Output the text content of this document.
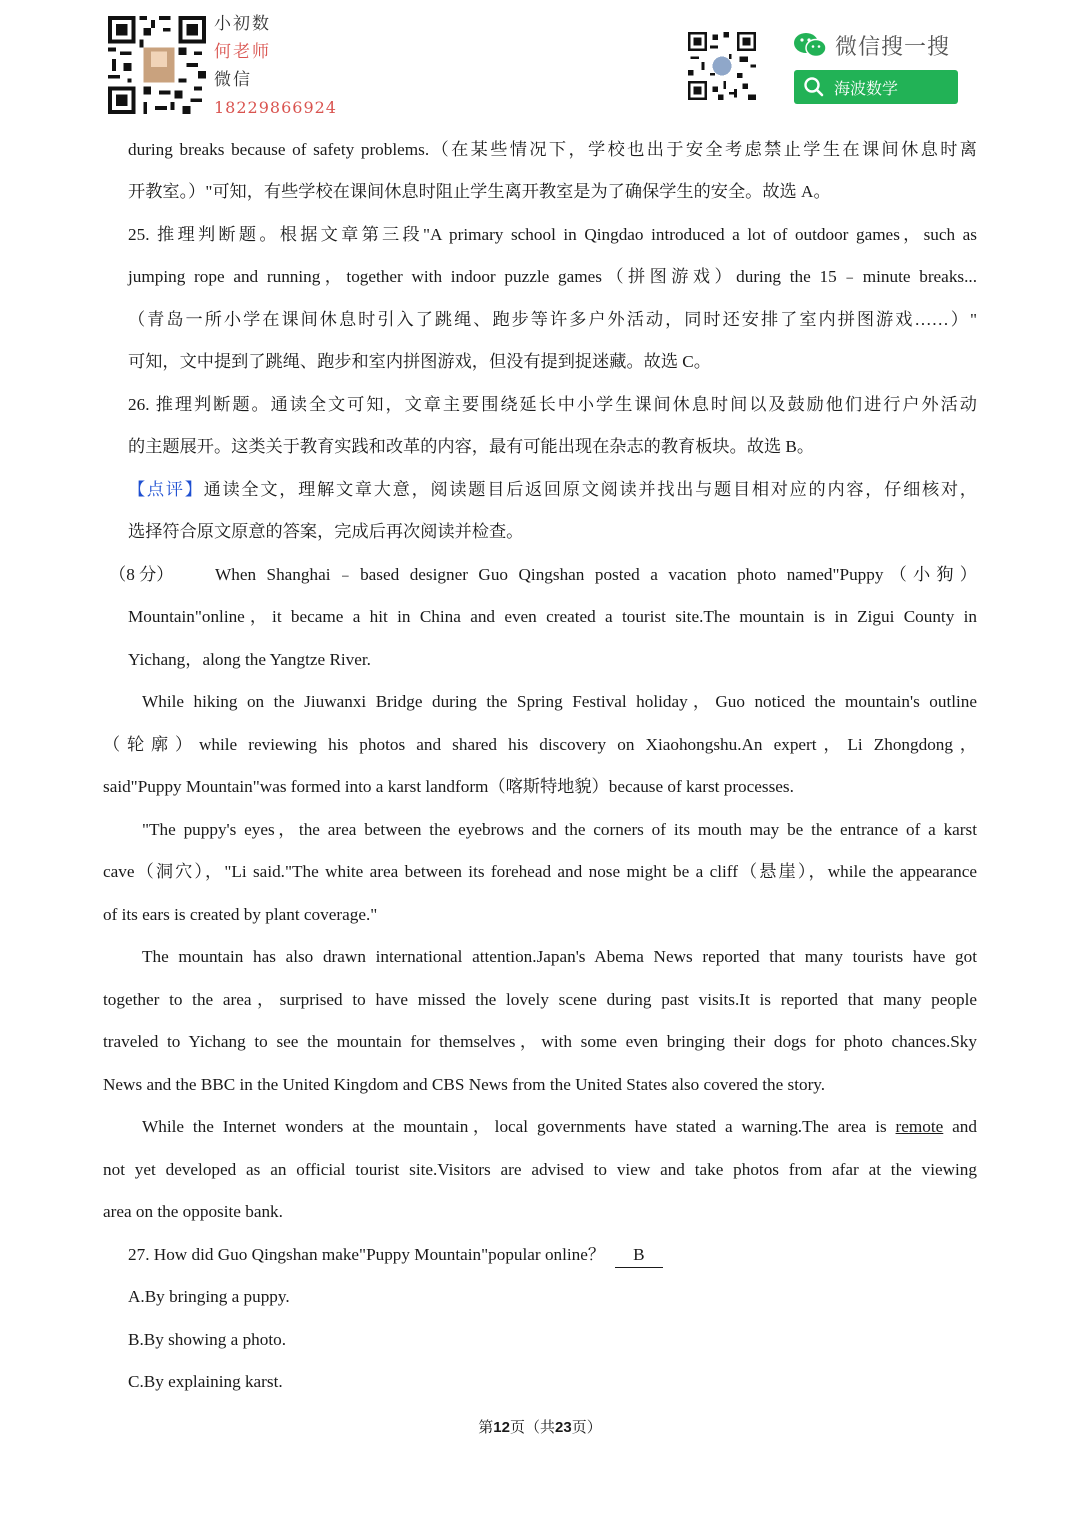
小初数
何老师
微信
18229866924
微信搜一搜
海波数学
during breaks because of safety problems.（在某些情况下，学校也出于安全考虑禁止学生在课间休息时离
开教室。）"可知，有些学校在课间休息时阻止学生离开教室是为了确保学生的安全。故选 A。
25. 推理判断题。根据文章第三段"A primary school in Qingdao introduced a lot of outdoor games，such as
jumping rope and running，together with indoor puzzle games（拼图游戏）during the 15﹣minute breaks...
（青岛一所小学在课间休息时引入了跳绳、跑步等许多户外活动，同时还安排了室内拼图游戏……）"
可知，文中提到了跳绳、跑步和室内拼图游戏，但没有提到捉迷藏。故选 C。
26. 推理判断题。通读全文可知，文章主要围绕延长中小学生课间休息时间以及鼓励他们进行户外活动
的主题展开。这类关于教育实践和改革的内容，最有可能出现在杂志的教育板块。故选 B。
【点评】通读全文，理解文章大意，阅读题目后返回原文阅读并找出与题目相对应的内容，仔细核对，
选择符合原文原意的答案，完成后再次阅读并检查。
（8 分） When Shanghai﹣based designer Guo Qingshan posted a vacation photo named"Puppy（小狗）
Mountain"online，it became a hit in China and even created a tourist site.The mountain is in Zigui County in
Yichang，along the Yangtze River.
While hiking on the Jiuwanxi Bridge during the Spring Festival holiday，Guo noticed the mountain's outline
（轮廓）while reviewing his photos and shared his discovery on Xiaohongshu.An expert，Li Zhongdong，
said"Puppy Mountain"was formed into a karst landform（喀斯特地貌）because of karst processes.
"The puppy's eyes，the area between the eyebrows and the corners of its mouth may be the entrance of a karst
cave（洞穴），"Li said."The white area between its forehead and nose might be a cliff（悬崖），while the appearance
of its ears is created by plant coverage."
The mountain has also drawn international attention.Japan's Abema News reported that many tourists have got
together to the area，surprised to have missed the lovely scene during past visits.It is reported that many people
traveled to Yichang to see the mountain for themselves，with some even bringing their dogs for photo chances.Sky
News and the BBC in the United Kingdom and CBS News from the United States also covered the story.
While the Internet wonders at the mountain，local governments have stated a warning.The area is remote and
not yet developed as an official tourist site.Visitors are advised to view and take photos from afar at the viewing
area on the opposite bank.
27. How did Guo Qingshan make"Puppy Mountain"popular online？ B
A.By bringing a puppy.
B.By showing a photo.
C.By explaining karst.
第12页（共23页）
